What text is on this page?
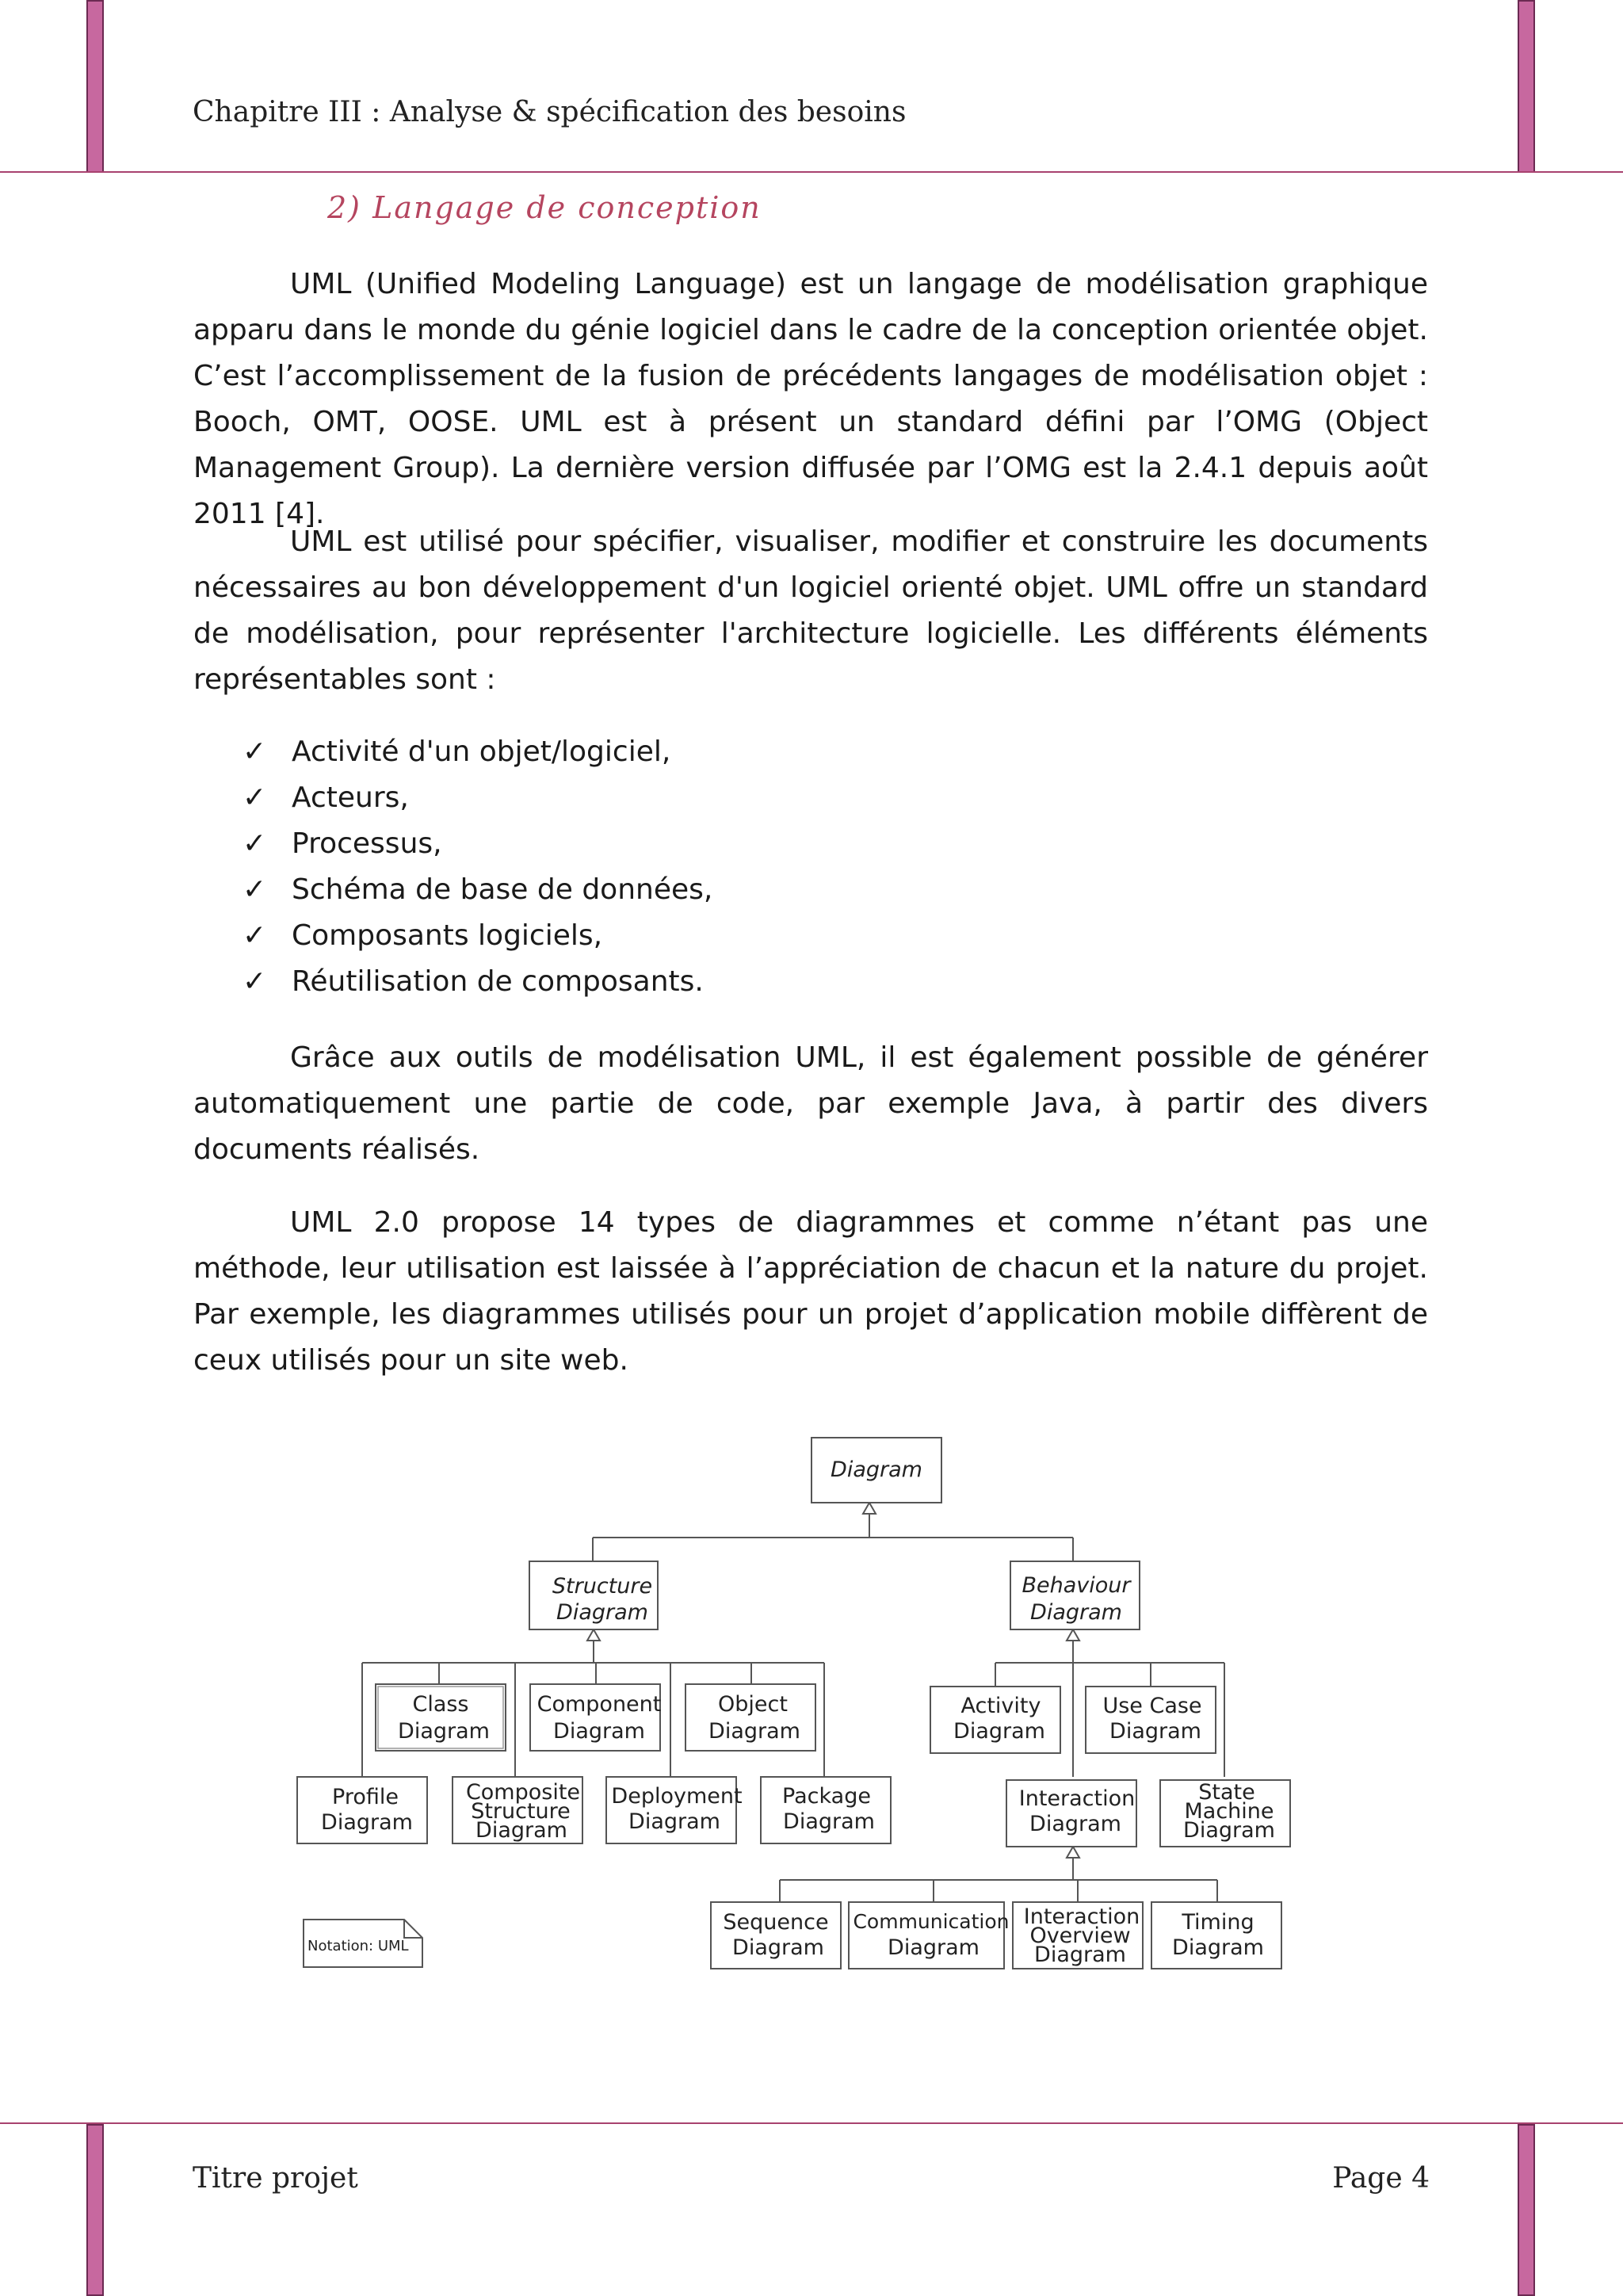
Chapitre III : Analyse & spécification des besoins
2) Langage de conception

UML (Unified Modeling Language) est un langage de modélisation graphique apparu dans le monde du génie logiciel dans le cadre de la conception orientée objet. C’est l’accomplissement de la fusion de précédents langages de modélisation objet : Booch, OMT, OOSE. UML est à présent un standard défini par l’OMG (Object Management Group). La dernière version diffusée par l’OMG est la 2.4.1 depuis août 2011 [4].

UML est utilisé pour spécifier, visualiser, modifier et construire les documents nécessaires au bon développement d'un logiciel orienté objet. UML offre un standard de modélisation, pour représenter l'architecture logicielle. Les différents éléments représentables sont :

✓ Activité d'un objet/logiciel,
✓ Acteurs,
✓ Processus,
✓ Schéma de base de données,
✓ Composants logiciels,
✓ Réutilisation de composants.

Grâce aux outils de modélisation UML, il est également possible de générer automatiquement une partie de code, par exemple Java, à partir des divers documents réalisés.

UML 2.0 propose 14 types de diagrammes et comme n’étant pas une méthode, leur utilisation est laissée à l’appréciation de chacun et la nature du projet. Par exemple, les diagrammes utilisés pour un projet d’application mobile diffèrent de ceux utilisés pour un site web.

Diagram
Structure
Diagram
Behaviour
Diagram
Class
Diagram
Component
Diagram
Object
Diagram
Profile
Diagram
Composite
Structure
Diagram
Deployment
Diagram
Package
Diagram
Activity
Diagram
Use Case
Diagram
Interaction
Diagram
State
Machine
Diagram
Sequence
Diagram
Communication
Diagram
Interaction
Overview
Diagram
Timing
Diagram
Notation: UML
Titre projet	Page 4
